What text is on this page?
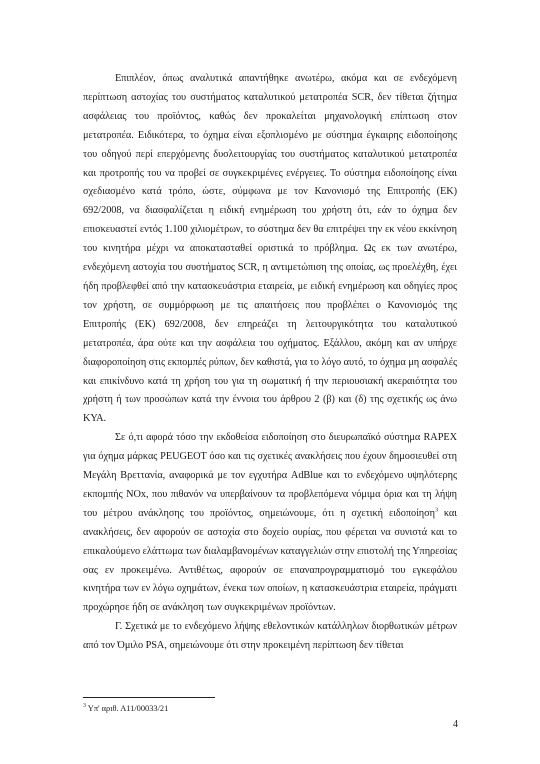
Επιπλέον, όπως αναλυτικά απαντήθηκε ανωτέρω, ακόμα και σε ενδεχόμενη περίπτωση αστοχίας του συστήματος καταλυτικού μετατροπέα SCR, δεν τίθεται ζήτημα ασφάλειας του προϊόντος, καθώς δεν προκαλείται μηχανολογική επίπτωση στον μετατροπέα. Ειδικότερα, το όχημα είναι εξοπλισμένο με σύστημα έγκαιρης ειδοποίησης του οδηγού περί επερχόμενης δυσλειτουργίας του συστήματος καταλυτικού μετατροπέα και προτροπής του να προβεί σε συγκεκριμένες ενέργειες. Το σύστημα ειδοποίησης είναι σχεδιασμένο κατά τρόπο, ώστε, σύμφωνα με τον Κανονισμό της Επιτροπής (ΕΚ) 692/2008, να διασφαλίζεται η ειδική ενημέρωση του χρήστη ότι, εάν το όχημα δεν επισκευαστεί εντός 1.100 χιλιομέτρων, το σύστημα δεν θα επιτρέψει την εκ νέου εκκίνηση του κινητήρα μέχρι να αποκατασταθεί οριστικά το πρόβλημα. Ως εκ των ανωτέρω, ενδεχόμενη αστοχία του συστήματος SCR, η αντιμετώπιση της οποίας, ως προελέχθη, έχει ήδη προβλεφθεί από την κατασκευάστρια εταιρεία, με ειδική ενημέρωση και οδηγίες προς τον χρήστη, σε συμμόρφωση με τις απαιτήσεις που προβλέπει ο Κανονισμός της Επιτροπής (ΕΚ) 692/2008, δεν επηρεάζει τη λειτουργικότητα του καταλυτικού μετατροπέα, άρα ούτε και την ασφάλεια του οχήματος. Εξάλλου, ακόμη και αν υπήρχε διαφοροποίηση στις εκπομπές ρύπων, δεν καθιστά, για το λόγο αυτό, το όχημα μη ασφαλές και επικίνδυνο κατά τη χρήση του για τη σωματική ή την περιουσιακή ακεραιότητα του χρήστη ή των προσώπων κατά την έννοια του άρθρου 2 (β) και (δ) της σχετικής ως άνω ΚΥΑ.

Σε ό,τι αφορά τόσο την εκδοθείσα ειδοποίηση στο διευρωπαϊκό σύστημα RAPEX για όχημα μάρκας PEUGEOT όσο και τις σχετικές ανακλήσεις που έχουν δημοσιευθεί στη Μεγάλη Βρεττανία, αναφορικά με τον εγχυτήρα AdBlue και το ενδεχόμενο υψηλότερης εκπομπής NOx, που πιθανόν να υπερβαίνουν τα προβλεπόμενα νόμιμα όρια και τη λήψη του μέτρου ανάκλησης του προϊόντος, σημειώνουμε, ότι η σχετική ειδοποίηση$^3$ και ανακλήσεις, δεν αφορούν σε αστοχία στο δοχείο ουρίας, που φέρεται να συνιστά και το επικαλούμενο ελάττωμα των διαλαμβανομένων καταγγελιών στην επιστολή της Υπηρεσίας σας εν προκειμένω. Αντιθέτως, αφορούν σε επαναπρογραμματισμό του εγκεφάλου κινητήρα των εν λόγω οχημάτων, ένεκα των οποίων, η κατασκευάστρια εταιρεία, πράγματι προχώρησε ήδη σε ανάκληση των συγκεκριμένων προϊόντων.

Γ. Σχετικά με το ενδεχόμενο λήψης εθελοντικών κατάλληλων διορθωτικών μέτρων από τον Όμιλο PSA, σημειώνουμε ότι στην προκειμένη περίπτωση δεν τίθεται

$^3$ Υπ' αριθ. Α11/00033/21
4
